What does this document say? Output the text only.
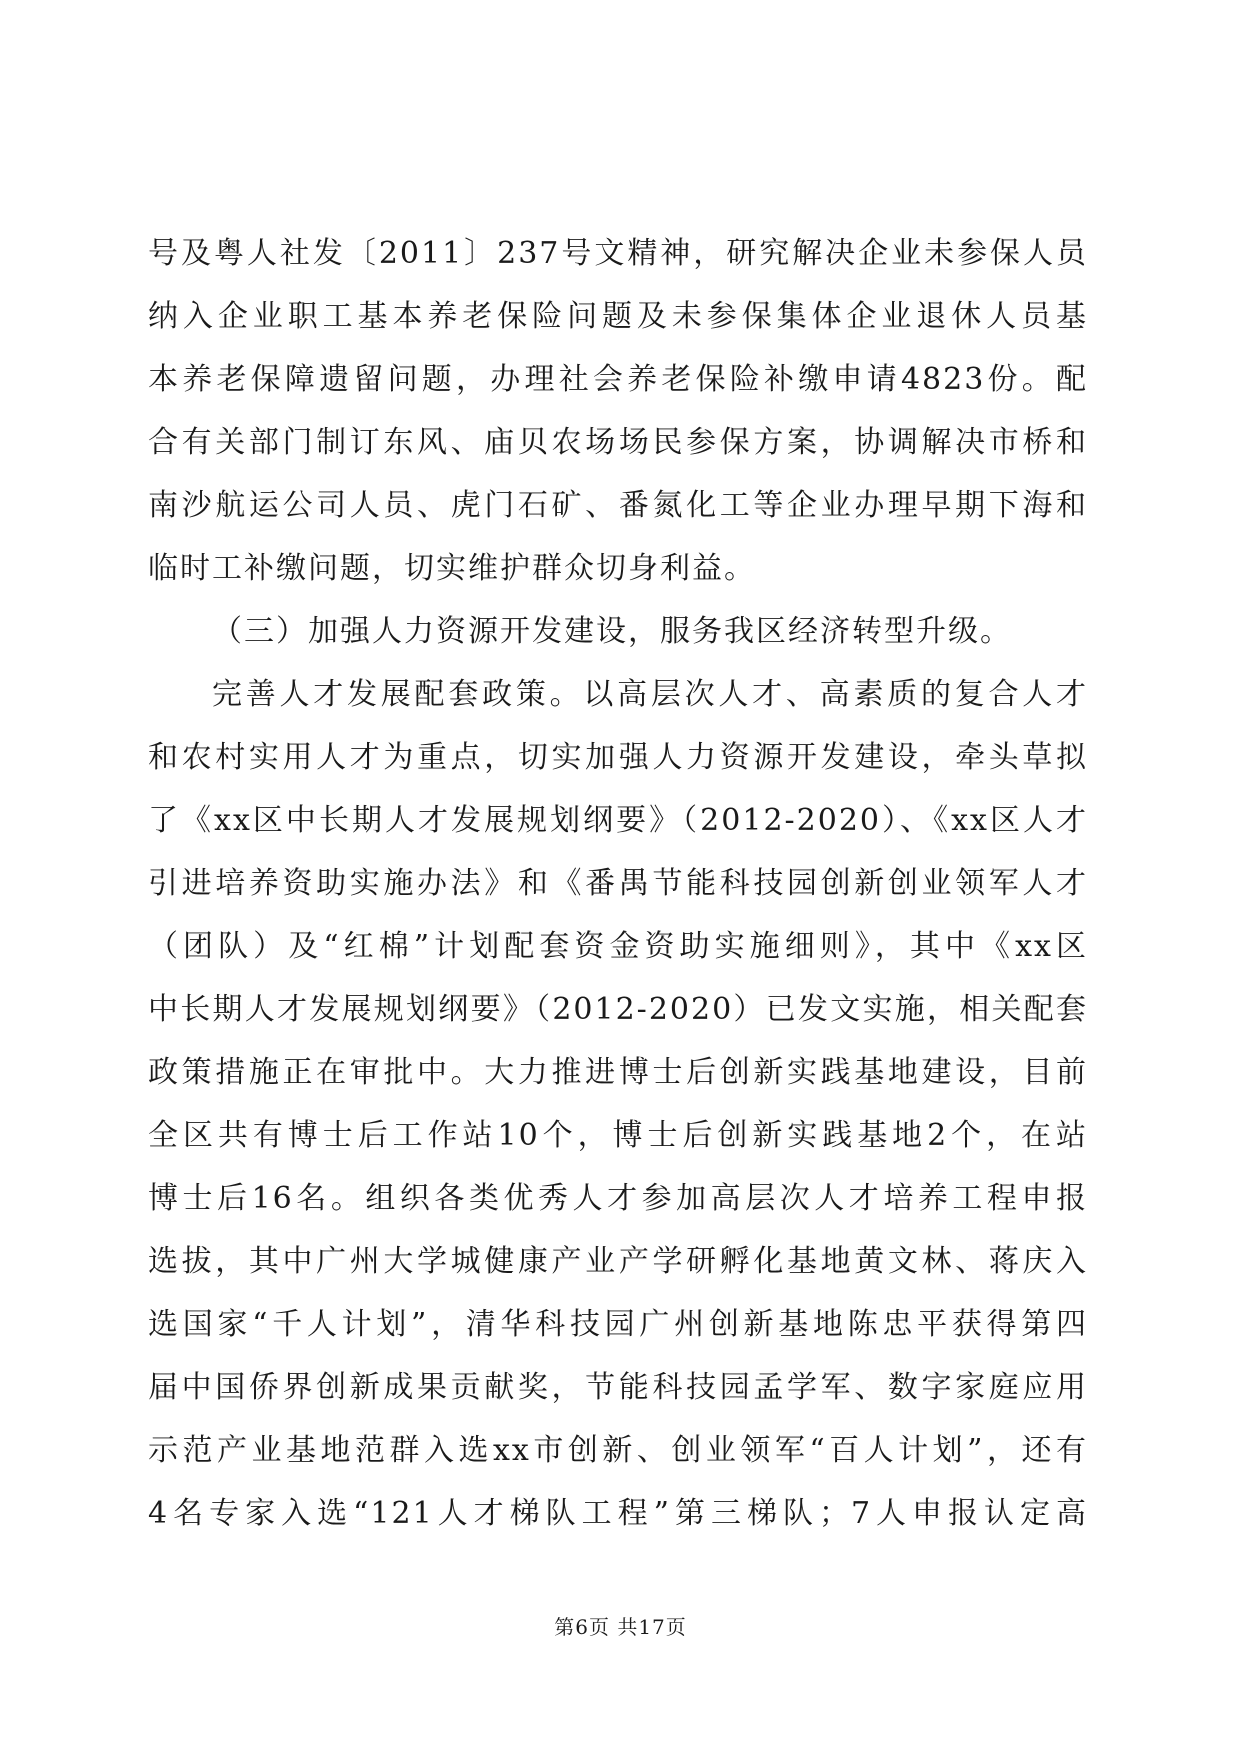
号及粤人社发〔2011〕237号文精神，研究解决企业未参保人员
纳入企业职工基本养老保险问题及未参保集体企业退休人员基
本养老保障遗留问题，办理社会养老保险补缴申请4823份。配
合有关部门制订东风、庙贝农场场民参保方案，协调解决市桥和
南沙航运公司人员、虎门石矿、番氮化工等企业办理早期下海和
临时工补缴问题，切实维护群众切身利益。
（三）加强人力资源开发建设，服务我区经济转型升级。
完善人才发展配套政策。以高层次人才、高素质的复合人才
和农村实用人才为重点，切实加强人力资源开发建设，牵头草拟
了《xx区中长期人才发展规划纲要》（2012-2020）、《xx区人才
引进培养资助实施办法》和《番禺节能科技园创新创业领军人才
（团队）及“红棉”计划配套资金资助实施细则》，其中《xx区
中长期人才发展规划纲要》（2012-2020）已发文实施，相关配套
政策措施正在审批中。大力推进博士后创新实践基地建设，目前
全区共有博士后工作站10个，博士后创新实践基地2个，在站
博士后16名。组织各类优秀人才参加高层次人才培养工程申报
选拔，其中广州大学城健康产业产学研孵化基地黄文林、蒋庆入
选国家“千人计划”，清华科技园广州创新基地陈忠平获得第四
届中国侨界创新成果贡献奖，节能科技园孟学军、数字家庭应用
示范产业基地范群入选xx市创新、创业领军“百人计划”，还有
4名专家入选“121人才梯队工程”第三梯队；7人申报认定高
第6页 共17页
